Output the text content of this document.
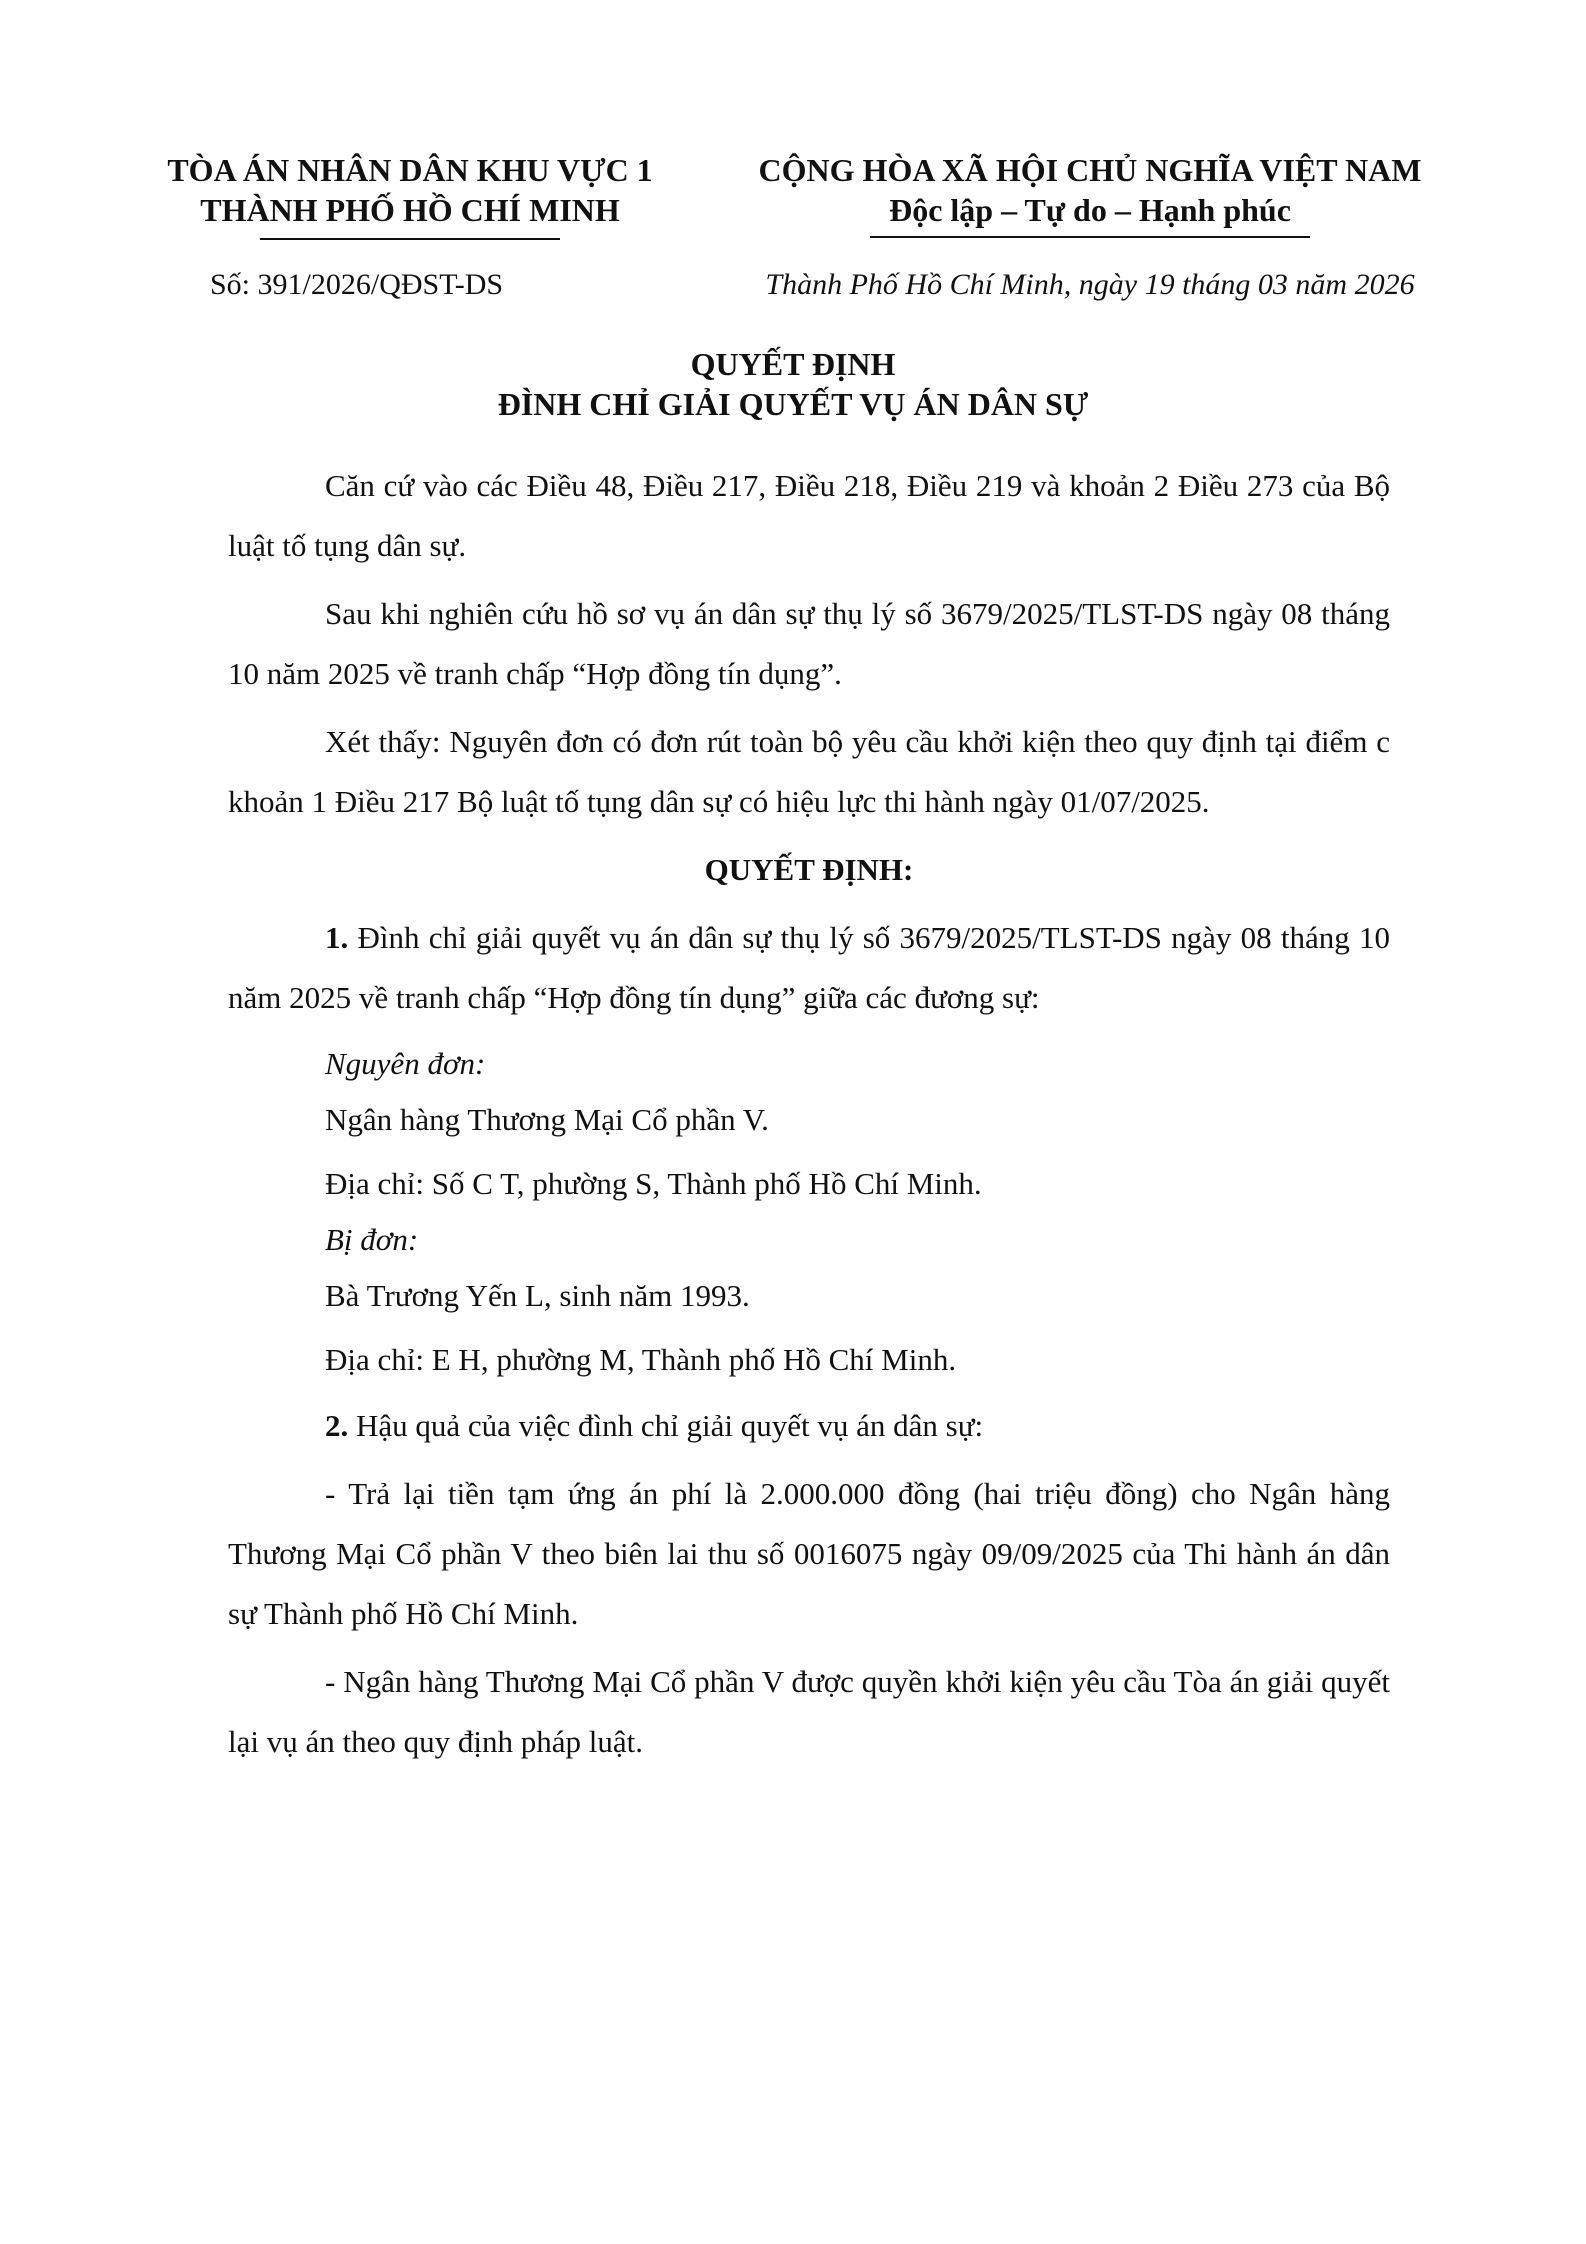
TÒA ÁN NHÂN DÂN KHU VỰC 1
THÀNH PHỐ HỒ CHÍ MINH
CỘNG HÒA XÃ HỘI CHỦ NGHĨA VIỆT NAM
Độc lập – Tự do – Hạnh phúc
Số: 391/2026/QĐST-DS	Thành Phố Hồ Chí Minh, ngày 19 tháng 03 năm 2026
QUYẾT ĐỊNH
ĐÌNH CHỈ GIẢI QUYẾT VỤ ÁN DÂN SỰ

Căn cứ vào các Điều 48, Điều 217, Điều 218, Điều 219 và khoản 2 Điều 273 của Bộ luật tố tụng dân sự.

Sau khi nghiên cứu hồ sơ vụ án dân sự thụ lý số 3679/2025/TLST-DS ngày 08 tháng 10 năm 2025 về tranh chấp “Hợp đồng tín dụng”.

Xét thấy: Nguyên đơn có đơn rút toàn bộ yêu cầu khởi kiện theo quy định tại điểm c khoản 1 Điều 217 Bộ luật tố tụng dân sự có hiệu lực thi hành ngày 01/07/2025.

QUYẾT ĐỊNH:

1. Đình chỉ giải quyết vụ án dân sự thụ lý số 3679/2025/TLST-DS ngày 08 tháng 10 năm 2025 về tranh chấp “Hợp đồng tín dụng” giữa các đương sự:

Nguyên đơn:
Ngân hàng Thương Mại Cổ phần V.
Địa chỉ: Số C T, phường S, Thành phố Hồ Chí Minh.
Bị đơn:
Bà Trương Yến L, sinh năm 1993.
Địa chỉ: E H, phường M, Thành phố Hồ Chí Minh.

2. Hậu quả của việc đình chỉ giải quyết vụ án dân sự:

- Trả lại tiền tạm ứng án phí là 2.000.000 đồng (hai triệu đồng) cho Ngân hàng Thương Mại Cổ phần V theo biên lai thu số 0016075 ngày 09/09/2025 của Thi hành án dân sự Thành phố Hồ Chí Minh.

- Ngân hàng Thương Mại Cổ phần V được quyền khởi kiện yêu cầu Tòa án giải quyết lại vụ án theo quy định pháp luật.
